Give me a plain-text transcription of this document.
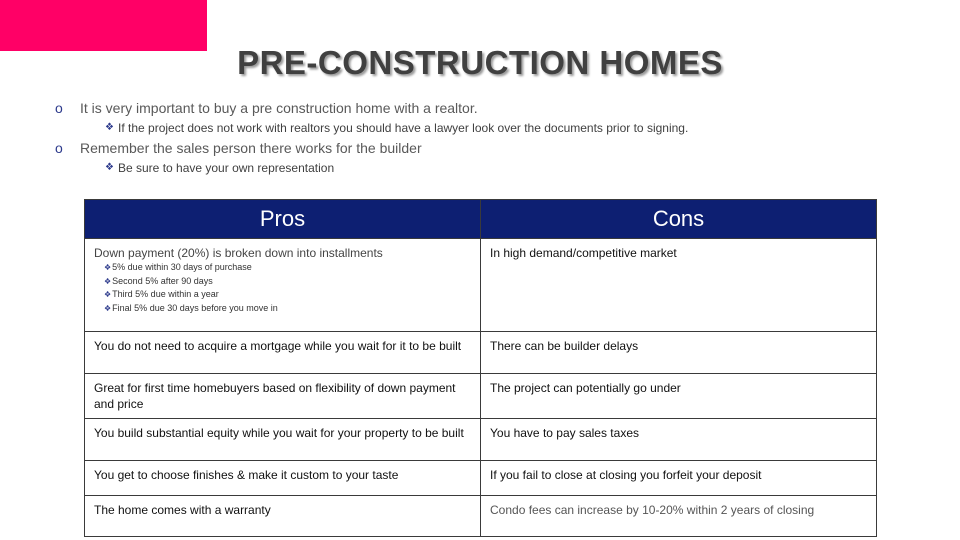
PRE-CONSTRUCTION HOMES
o It is very important to buy a pre construction home with a realtor.
❖ If the project does not work with realtors you should have a lawyer look over the documents prior to signing.
o Remember the sales person there works for the builder
❖ Be sure to have your own representation
Pros	Cons

Down payment (20%) is broken down into installments
❖5% due within 30 days of purchase
❖Second 5% after 90 days
❖Third 5% due within a year
❖Final 5% due 30 days before you move in	In high demand/competitive market
You do not need to acquire a mortgage while you wait for it to be built	There can be builder delays
Great for first time homebuyers based on flexibility of down payment and price	The project can potentially go under
You build substantial equity while you wait for your property to be built	You have to pay sales taxes
You get to choose finishes & make it custom to your taste	If you fail to close at closing you forfeit your deposit
The home comes with a warranty	Condo fees can increase by 10-20% within 2 years of closing
